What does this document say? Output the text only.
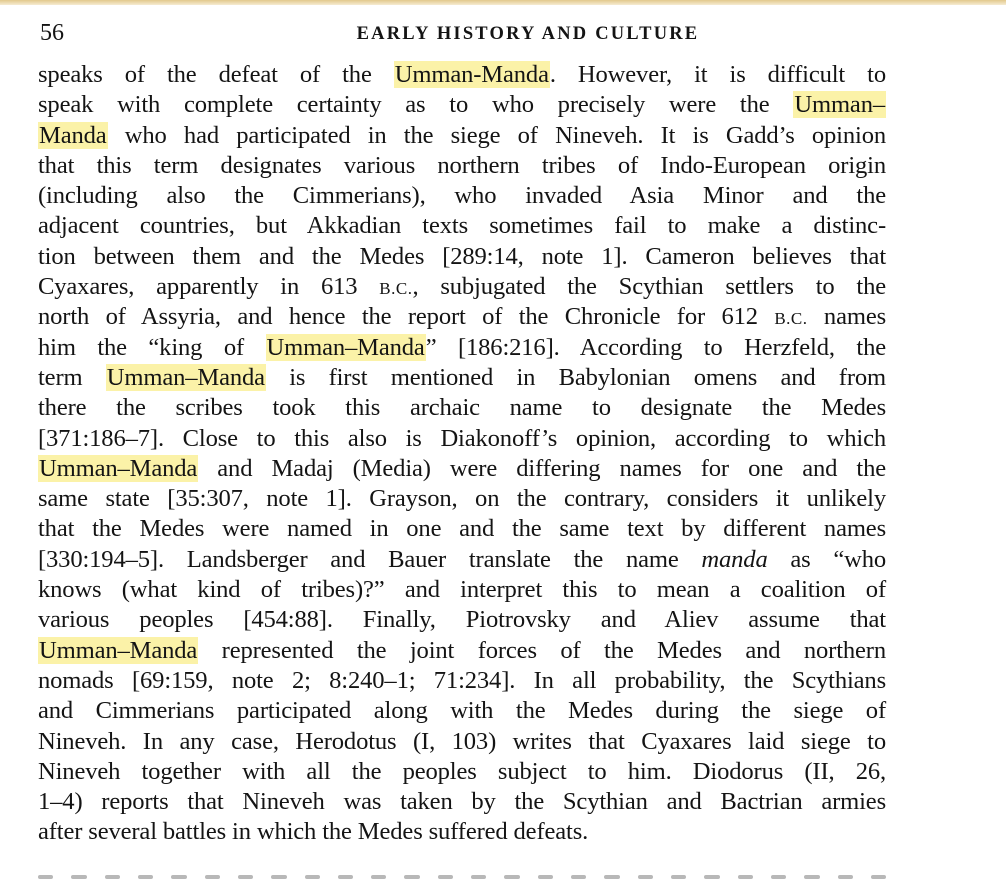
56	EARLY HISTORY AND CULTURE
speaks of the defeat of the Umman-Manda. However, it is difficult to
speak with complete certainty as to who precisely were the Umman–
Manda who had participated in the siege of Nineveh. It is Gadd’s opinion
that this term designates various northern tribes of Indo-European origin
(including also the Cimmerians), who invaded Asia Minor and the
adjacent countries, but Akkadian texts sometimes fail to make a distinc-
tion between them and the Medes [289:14, note 1]. Cameron believes that
Cyaxares, apparently in 613 B.C., subjugated the Scythian settlers to the
north of Assyria, and hence the report of the Chronicle for 612 B.C. names
him the “king of Umman–Manda” [186:216]. According to Herzfeld, the
term Umman–Manda is first mentioned in Babylonian omens and from
there the scribes took this archaic name to designate the Medes
[371:186–7]. Close to this also is Diakonoff’s opinion, according to which
Umman–Manda and Madaj (Media) were differing names for one and the
same state [35:307, note 1]. Grayson, on the contrary, considers it unlikely
that the Medes were named in one and the same text by different names
[330:194–5]. Landsberger and Bauer translate the name manda as “who
knows (what kind of tribes)?” and interpret this to mean a coalition of
various peoples [454:88]. Finally, Piotrovsky and Aliev assume that
Umman–Manda represented the joint forces of the Medes and northern
nomads [69:159, note 2; 8:240–1; 71:234]. In all probability, the Scythians
and Cimmerians participated along with the Medes during the siege of
Nineveh. In any case, Herodotus (I, 103) writes that Cyaxares laid siege to
Nineveh together with all the peoples subject to him. Diodorus (II, 26,
1–4) reports that Nineveh was taken by the Scythian and Bactrian armies
after several battles in which the Medes suffered defeats.
